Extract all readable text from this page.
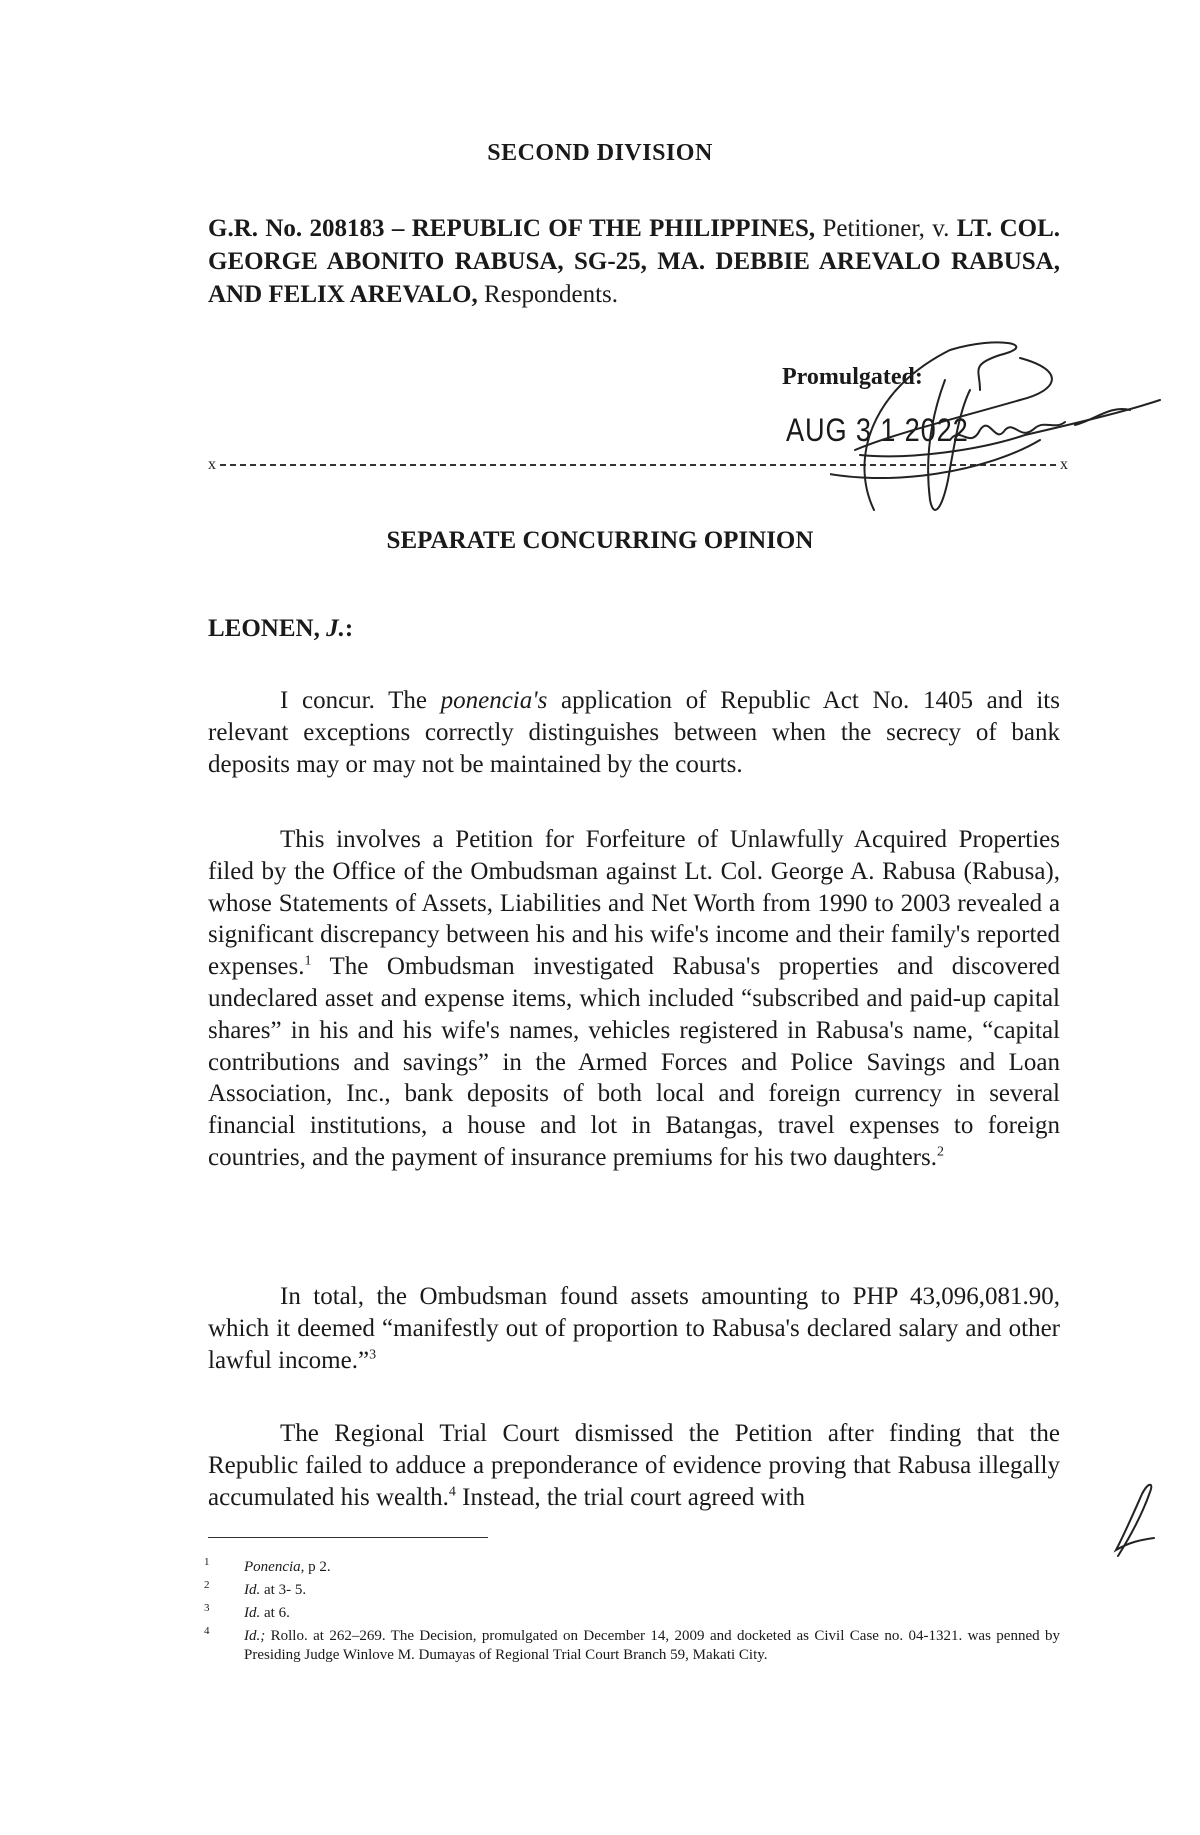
SECOND DIVISION
G.R. No. 208183 – REPUBLIC OF THE PHILIPPINES, Petitioner, v. LT. COL. GEORGE ABONITO RABUSA, SG-25, MA. DEBBIE AREVALO RABUSA, AND FELIX AREVALO, Respondents.
Promulgated:
AUG 3 1 2022
x	x
SEPARATE CONCURRING OPINION
LEONEN, J.:
I concur. The ponencia's application of Republic Act No. 1405 and its relevant exceptions correctly distinguishes between when the secrecy of bank deposits may or may not be maintained by the courts.
This involves a Petition for Forfeiture of Unlawfully Acquired Properties filed by the Office of the Ombudsman against Lt. Col. George A. Rabusa (Rabusa), whose Statements of Assets, Liabilities and Net Worth from 1990 to 2003 revealed a significant discrepancy between his and his wife's income and their family's reported expenses.$^1$ The Ombudsman investigated Rabusa's properties and discovered undeclared asset and expense items, which included “subscribed and paid-up capital shares” in his and his wife's names, vehicles registered in Rabusa's name, “capital contributions and savings” in the Armed Forces and Police Savings and Loan Association, Inc., bank deposits of both local and foreign currency in several financial institutions, a house and lot in Batangas, travel expenses to foreign countries, and the payment of insurance premiums for his two daughters.$^2$
In total, the Ombudsman found assets amounting to PHP 43,096,081.90, which it deemed “manifestly out of proportion to Rabusa's declared salary and other lawful income.”$^3$
The Regional Trial Court dismissed the Petition after finding that the Republic failed to adduce a preponderance of evidence proving that Rabusa illegally accumulated his wealth.$^4$ Instead, the trial court agreed with
1	Ponencia, p 2.
2	Id. at 3- 5.
3	Id. at 6.
4	Id.; Rollo. at 262–269. The Decision, promulgated on December 14, 2009 and docketed as Civil Case no. 04-1321. was penned by Presiding Judge Winlove M. Dumayas of Regional Trial Court Branch 59, Makati City.
